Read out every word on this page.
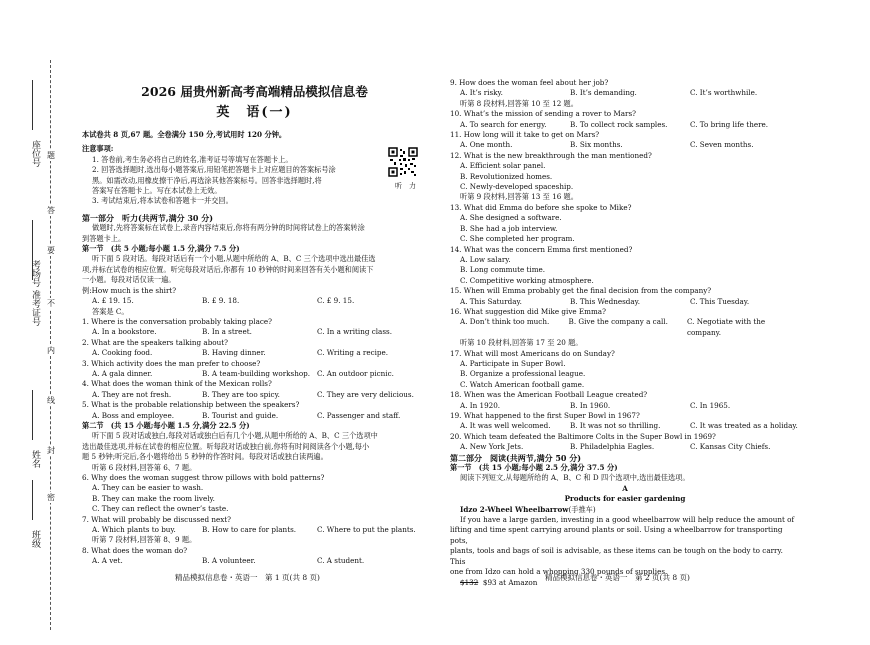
班级
姓名
准考证号
考场号
座位号 题
答
要
不
内
线
封
密
2026 届贵州新高考高端精品模拟信息卷
英　语(一)
听　力

本试卷共 8 页,67 题。全卷满分 150 分,考试用时 120 分钟。

注意事项:

1. 答卷前,考生务必将自己的姓名,准考证号等填写在答题卡上。

2. 回答选择题时,选出每小题答案后,用铅笔把答题卡上对应题目的答案标号涂

黑。如需改动,用橡皮擦干净后,再选涂其他答案标号。回答非选择题时,将

答案写在答题卡上。写在本试卷上无效。

3. 考试结束后,将本试卷和答题卡一并交回。

第一部分　听力(共两节,满分 30 分)

做题时,先将答案标在试卷上,录音内容结束后,你将有两分钟的时间将试卷上的答案转涂

到答题卡上。

第一节　(共 5 小题;每小题 1.5 分,满分 7.5 分)

听下面 5 段对话。每段对话后有一个小题,从题中所给的 A、B、C 三个选项中选出最佳选

项,并标在试卷的相应位置。听完每段对话后,你都有 10 秒钟的时间来回答有关小题和阅读下

一小题。每段对话仅读一遍。

例:How much is the shirt?

A. £ 19. 15.	B. £ 9. 18.	C. £ 9. 15.

答案是 C。

1. Where is the conversation probably taking place?

A. In a bookstore.	B. In a street.	C. In a writing class.

2. What are the speakers talking about?

A. Cooking food.	B. Having dinner.	C. Writing a recipe.

3. Which activity does the man prefer to choose?

A. A gala dinner.	B. A team-building workshop. C. An outdoor picnic.

4. What does the woman think of the Mexican rolls?

A. They are not fresh.	B. They are too spicy.	C. They are very delicious.

5. What is the probable relationship between the speakers?

A. Boss and employee.	B. Tourist and guide.	C. Passenger and staff.

第二节　(共 15 小题;每小题 1.5 分,满分 22.5 分)

听下面 5 段对话或独白,每段对话或独白后有几个小题,从题中所给的 A、B、C 三个选项中

选出最佳选项,并标在试卷的相应位置。听每段对话或独白前,你将有时间阅读各个小题,每小

题 5 秒钟;听完后,各小题将给出 5 秒钟的作答时间。每段对话或独白读两遍。

听第 6 段材料,回答第 6、7 题。

6. Why does the woman suggest throw pillows with bold patterns?

A. They can be easier to wash.

B. They can make the room lively.

C. They can reflect the owner’s taste.

7. What will probably be discussed next?

A. Which plants to buy.	B. How to care for plants.	C. Where to put the plants.

听第 7 段材料,回答第 8、9 题。

8. What does the woman do?

A. A vet.	B. A volunteer.	C. A student.

9. How does the woman feel about her job?

A. It’s risky.	B. It’s demanding.	C. It’s worthwhile.

听第 8 段材料,回答第 10 至 12 题。

10. What’s the mission of sending a rover to Mars?

A. To search for energy.	B. To collect rock samples.	C. To bring life there.

11. How long will it take to get on Mars?

A. One month.	B. Six months.	C. Seven months.

12. What is the new breakthrough the man mentioned?

A. Efficient solar panel.

B. Revolutionized homes.

C. Newly-developed spaceship.

听第 9 段材料,回答第 13 至 16 题。

13. What did Emma do before she spoke to Mike?

A. She designed a software.

B. She had a job interview.

C. She completed her program.

14. What was the concern Emma first mentioned?

A. Low salary.

B. Long commute time.

C. Competitive working atmosphere.

15. When will Emma probably get the final decision from the company?

A. This Saturday.	B. This Wednesday.	C. This Tuesday.

16. What suggestion did Mike give Emma?

A. Don’t think too much.	B. Give the company a call.	C. Negotiate with the company.

听第 10 段材料,回答第 17 至 20 题。

17. What will most Americans do on Sunday?

A. Participate in Super Bowl.

B. Organize a professional league.

C. Watch American football game.

18. When was the American Football League created?

A. In 1920.	B. In 1960.	C. In 1965.

19. What happened to the first Super Bowl in 1967?

A. It was well welcomed.	B. It was not so thrilling.	C. It was treated as a holiday.

20. Which team defeated the Baltimore Colts in the Super Bowl in 1969?

A. New York Jets.	B. Philadelphia Eagles.	C. Kansas City Chiefs.

第二部分　阅读(共两节,满分 50 分)

第一节　(共 15 小题;每小题 2.5 分,满分 37.5 分)

阅读下列短文,从每题所给的 A、B、C 和 D 四个选项中,选出最佳选项。

A

Products for easier gardening

Idzo 2-Wheel Wheelbarrow(手推车)

If you have a large garden, investing in a good wheelbarrow will help reduce the amount of

lifting and time spent carrying around plants or soil. Using a wheelbarrow for transporting pots,

plants, tools and bags of soil is advisable, as these items can be tough on the body to carry. This

one from Idzo can hold a whopping 330 pounds of supplies.

$132 $93 at Amazon

精品模拟信息卷・英语一　第 1 页(共 8 页)	精品模拟信息卷・英语一　第 2 页(共 8 页)
